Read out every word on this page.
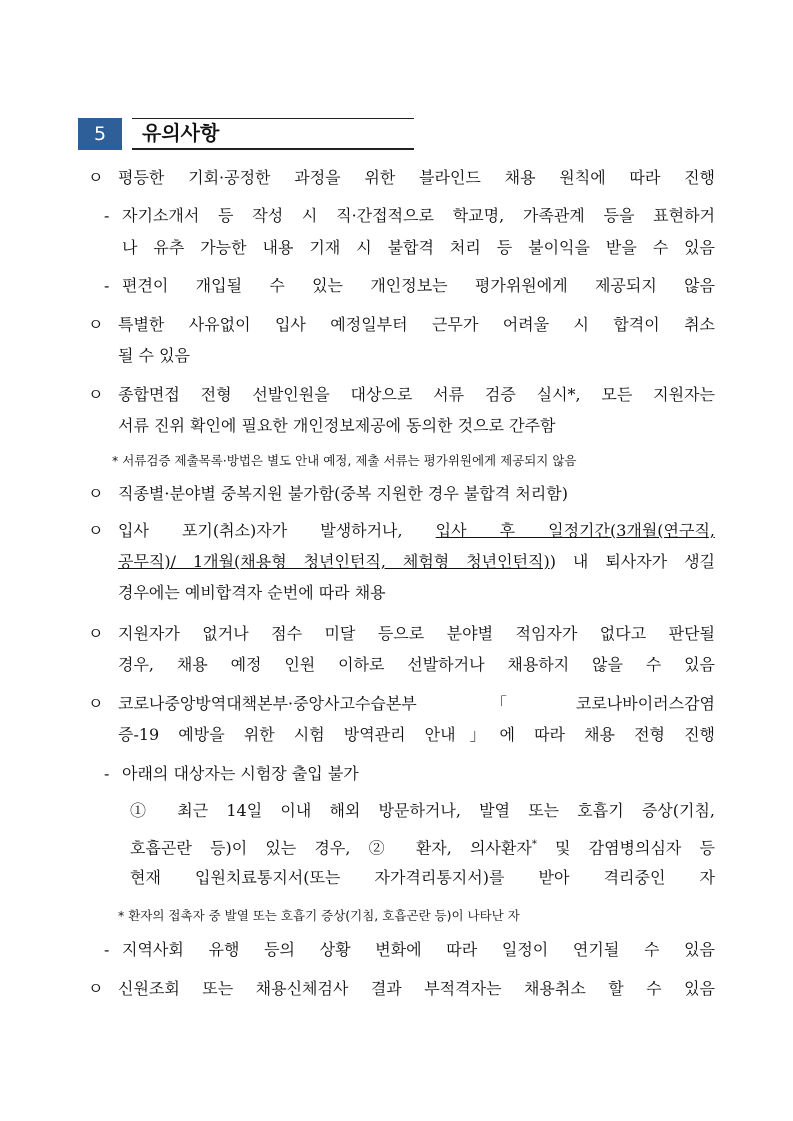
5	유의사항
ㅇ 평등한 기회·공정한 과정을 위한 블라인드 채용 원칙에 따라 진행
- 자기소개서 등 작성 시 직·간접적으로 학교명, 가족관계 등을 표현하거
나 유추 가능한 내용 기재 시 불합격 처리 등 불이익을 받을 수 있음
- 편견이 개입될 수 있는 개인정보는 평가위원에게 제공되지 않음
ㅇ 특별한 사유없이 입사 예정일부터 근무가 어려울 시 합격이 취소
될 수 있음
ㅇ 종합면접 전형 선발인원을 대상으로 서류 검증 실시*, 모든 지원자는
서류 진위 확인에 필요한 개인정보제공에 동의한 것으로 간주함
* 서류검증 제출목록·방법은 별도 안내 예정, 제출 서류는 평가위원에게 제공되지 않음
ㅇ 직종별·분야별 중복지원 불가함(중복 지원한 경우 불합격 처리함)
ㅇ 입사 포기(취소)자가 발생하거나, 입사 후 일정기간(3개월(연구직,
공무직)/ 1개월(채용형 청년인턴직, 체험형 청년인턴직)) 내 퇴사자가 생길
경우에는 예비합격자 순번에 따라 채용
ㅇ 지원자가 없거나 점수 미달 등으로 분야별 적임자가 없다고 판단될
경우, 채용 예정 인원 이하로 선발하거나 채용하지 않을 수 있음
ㅇ 코로나중앙방역대책본부·중앙사고수습본부 「코로나바이러스감염
증-19 예방을 위한 시험 방역관리 안내」에 따라 채용 전형 진행
- 아래의 대상자는 시험장 출입 불가
① 최근 14일 이내 해외 방문하거나, 발열 또는 호흡기 증상(기침,
호흡곤란 등)이 있는 경우, ② 환자, 의사환자* 및 감염병의심자 등
현재 입원치료통지서(또는 자가격리통지서)를 받아 격리중인 자
* 환자의 접촉자 중 발열 또는 호흡기 증상(기침, 호흡곤란 등)이 나타난 자
- 지역사회 유행 등의 상황 변화에 따라 일정이 연기될 수 있음
ㅇ 신원조회 또는 채용신체검사 결과 부적격자는 채용취소 할 수 있음
